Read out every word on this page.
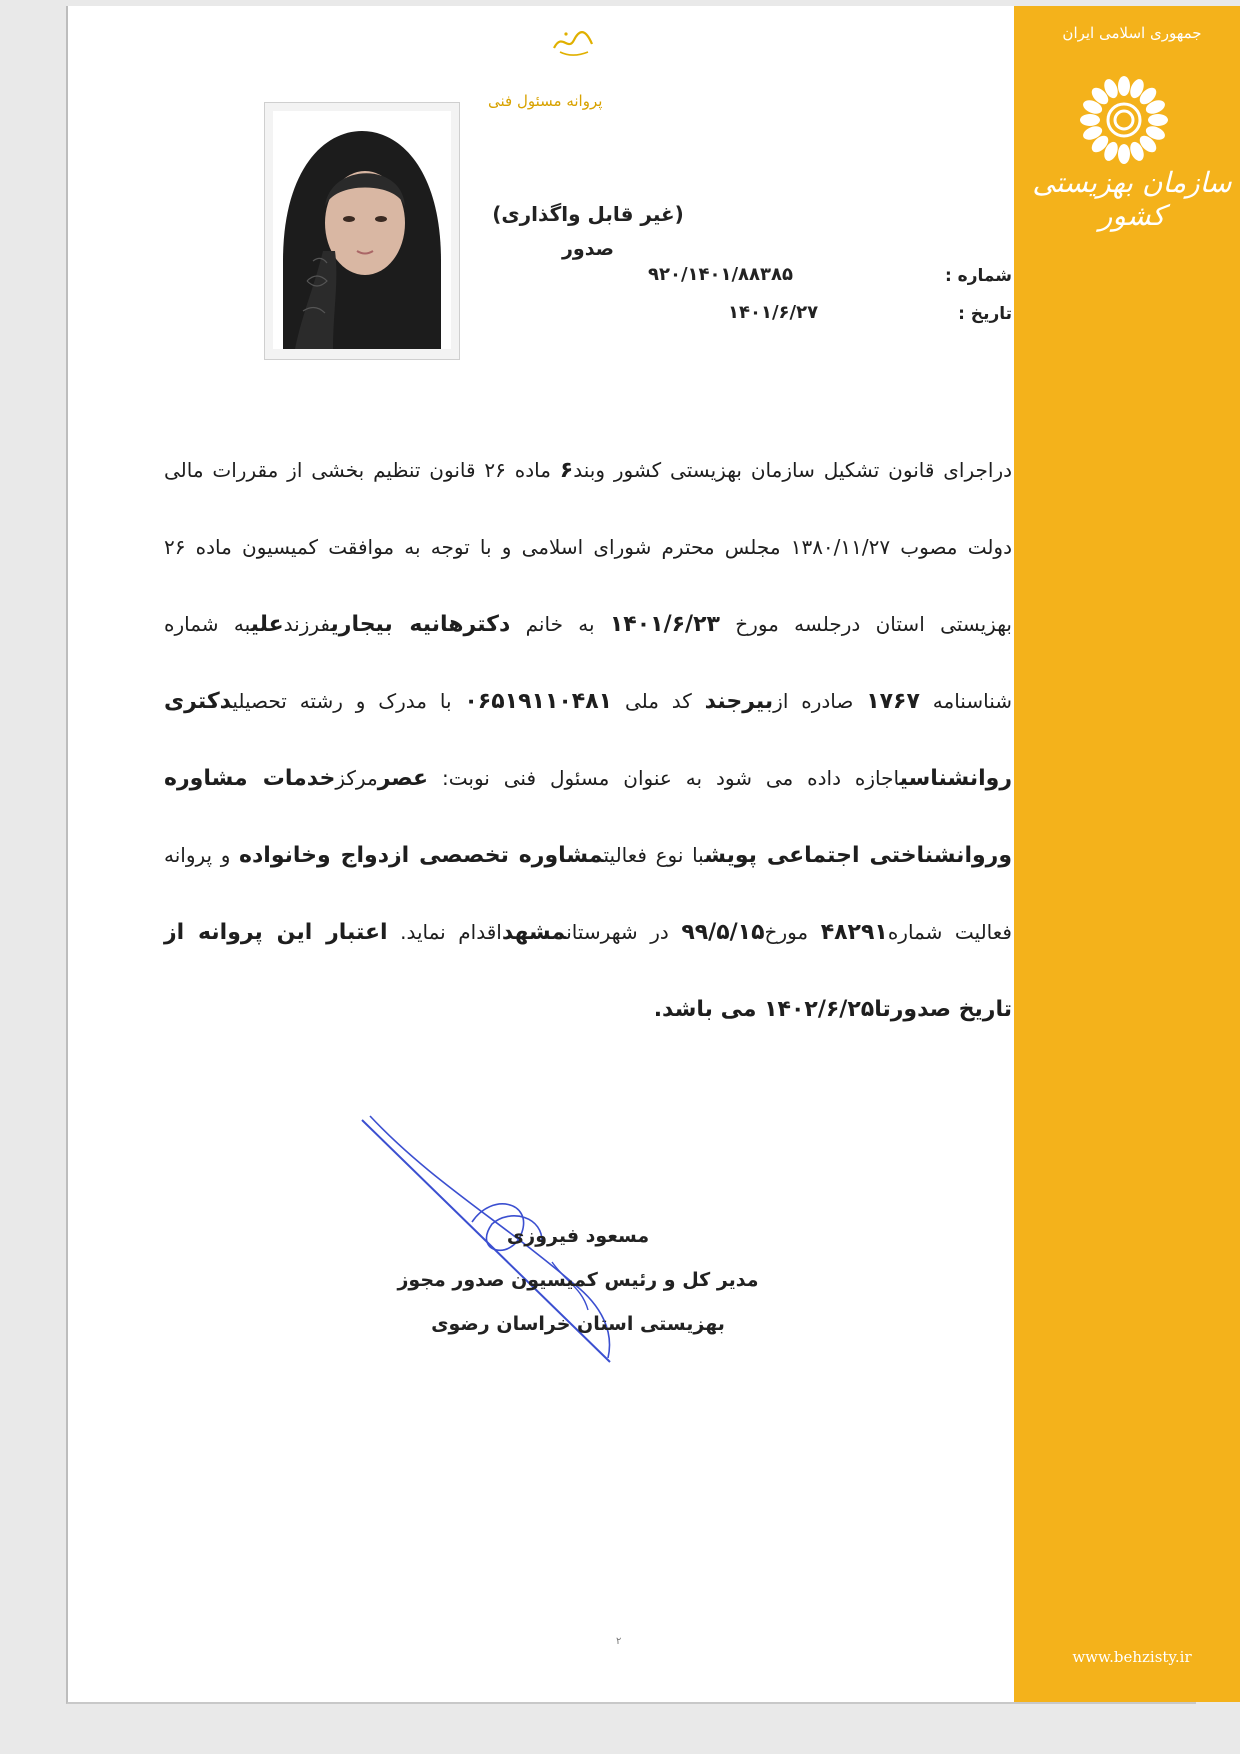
جمهوری اسلامی ایران
سازمان بهزیستی کشور
www.behzisty.ir
پروانه مسئول فنی
(غیر قابل واگذاری)
صدور
شماره :
۹۲۰/۱۴۰۱/۸۸۳۸۵
تاریخ :
۱۴۰۱/۶/۲۷
دراجرای قانون تشکیل سازمان بهزیستی کشور وبند۶ ماده ۲۶ قانون تنظیم بخشی از مقررات مالی دولت مصوب ۱۳۸۰/۱۱/۲۷ مجلس محترم شورای اسلامی و با توجه به موافقت کمیسیون ماده ۲۶ بهزیستی استان درجلسه مورخ ۱۴۰۱/۶/۲۳ به خانم دکترهانیه بیجاریفرزندعلیبه شماره شناسنامه ۱۷۶۷ صادره ازبیرجند کد ملی ۰۶۵۱۹۱۱۰۴۸۱ با مدرک و رشته تحصیلیدکتری روانشناسیاجازه داده می شود به عنوان مسئول فنی نوبت: عصرمرکزخدمات مشاوره وروانشناختی اجتماعی پویشبا نوع فعالیتمشاوره تخصصی ازدواج وخانواده و پروانه فعالیت شماره۴۸۲۹۱ مورخ۹۹/۵/۱۵ در شهرستانمشهداقدام نماید. اعتبار این پروانه از تاریخ صدورتا۱۴۰۲/۶/۲۵ می باشد.
مسعود فیروزی
مدیر کل و رئیس کمیسیون صدور مجوز
بهزیستی استان خراسان رضوی
۲
